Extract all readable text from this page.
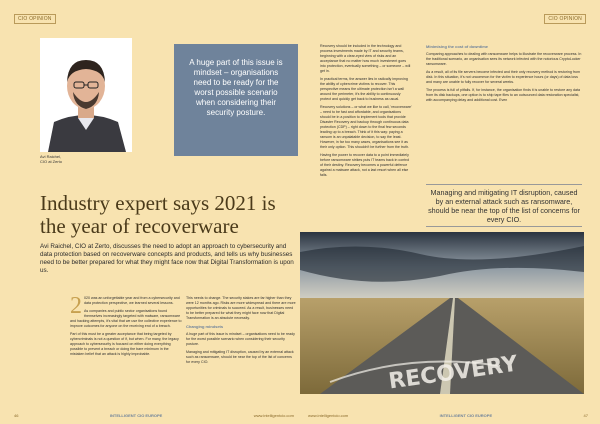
CIO OPINION	CIO OPINION
Avi Raichel,
CIO at Zerto
A huge part of this issue is mindset – organisations need to be ready for the worst possible scenario when considering their security posture.
Industry expert says 2021 is the year of recoverware

Avi Raichel, CIO at Zerto, discusses the need to adopt an approach to cybersecurity and data protection based on recoverware concepts and products, and tells us why businesses need to be better prepared for what they might face now that Digital Transformation is upon us.

2 020 was an unforgettable year and from a cybersecurity and data protection perspective, we learned several lessons.

As companies and public sector organisations found themselves increasingly targeted with malware, ransomware and hacking attempts, it's vital that we use the collective experience to improve outcomes for anyone on the receiving end of a breach.

Part of this must be a greater acceptance that being targeted by cybercriminals is not a question of if, but when. For many, the legacy approach to cybersecurity is focused on either doing everything possible to prevent a breach or doing the bare minimum in the mistaken belief that an attack is highly improbable.

This needs to change. The security stakes are far higher than they were 12 months ago. Risks are more widespread and there are more opportunities for criminals to succeed. As a result, businesses need to be better prepared for what they might face now that Digital Transformation is an absolute necessity.

Changing mindsets

A huge part of this issue is mindset – organisations need to be ready for the worst possible scenario when considering their security posture.

Managing and mitigating IT disruption, caused by an external attack such as ransomware, should be near the top of the list of concerns for every CIO.

Recovery should be included in the technology and process investments made by IT and security teams, beginning with a clear-eyed view of risks and an acceptance that no matter how much investment goes into protection, eventually something – or someone – will get in.

In practical terms, the answer lies in radically improving the ability of cybercrime victims to recover. This perspective means the ultimate protection isn't a wall around the perimeter, it's the ability to continuously protect and quickly get back to business as usual.

Recovery solutions – or what we like to call, 'recoverware' – need to be fast and affordable, and organisations should be in a position to implement tools that provide Disaster Recovery and backup through continuous data protection (CDP) – right down to the final few seconds leading up to a breach. Think of it this way: paying a ransom is an unpalatable decision, to say the least. However, in far too many cases, organisations see it as their only option. This shouldn't be further from the truth.

Having the power to recover data to a point immediately before ransomware strikes puts IT teams back in control of their destiny. Recovery becomes a powerful defence against a malware attack, not a last resort when all else fails.

Minimising the cost of downtime

Comparing approaches to dealing with ransomware helps to illustrate the recoverware process. In the traditional scenario, an organisation sees its network infected with the notorious CryptoLocker ransomware.

As a result, all of its file servers become infected and their only recovery method is restoring from disk. In this situation, it's not uncommon for the victim to experience hours (or days) of data loss and many are unable to fully recover for several weeks.

The process is full of pitfalls. If, for instance, the organisation finds it is unable to restore any data from its disk backups, one option is to ship tape files to an outsourced data restoration specialist, with accompanying delay and additional cost. Even

Managing and mitigating IT disruption, caused by an external attack such as ransomware, should be near the top of the list of concerns for every CIO.
RECOVERY
46	INTELLIGENT CIO EUROPE	www.intelligentcio.com	www.intelligentcio.com	INTELLIGENT CIO EUROPE	47
